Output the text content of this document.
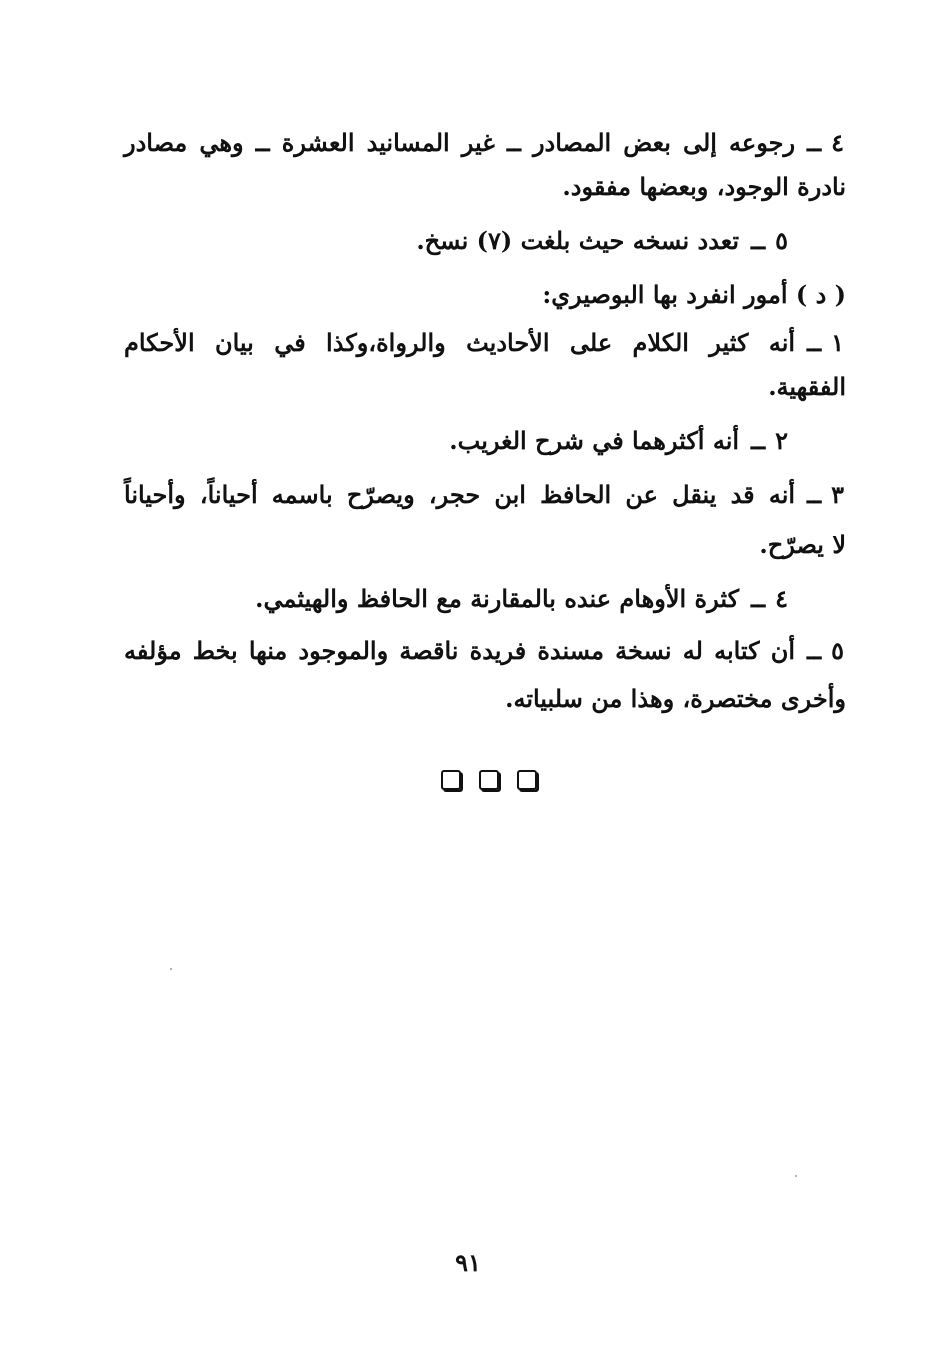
٤ــرجوعه إلى بعض المصادر ــ غير المسانيد العشرة ــ وهي مصادر
نادرة الوجود، وبعضها مفقود.
٥ــتعدد نسخه حيث بلغت (٧) نسخ.
( د ) أمور انفرد بها البوصيري:
١ــأنه كثير الكلام على الأحاديث والرواة،وكذا في بيان الأحكام
الفقهية.
٢ــأنه أكثرهما في شرح الغريب.
٣ــأنه قد ينقل عن الحافظ ابن حجر، ويصرّح باسمه أحياناً، وأحياناً
لا يصرّح.
٤ــكثرة الأوهام عنده بالمقارنة مع الحافظ والهيثمي.
٥ــأن كتابه له نسخة مسندة فريدة ناقصة والموجود منها بخط مؤلفه
وأخرى مختصرة، وهذا من سلبياته.
٩١
